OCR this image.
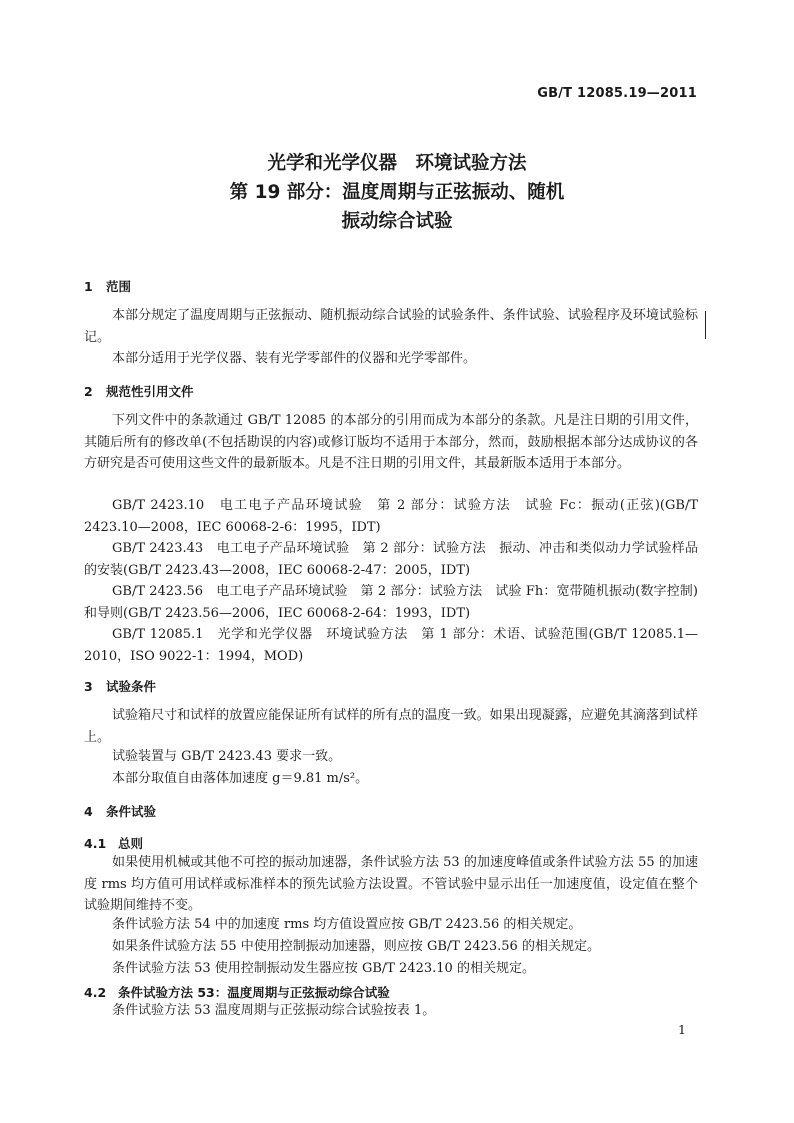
GB/T 12085.19—2011
光学和光学仪器　环境试验方法
第 19 部分：温度周期与正弦振动、随机
振动综合试验
1 范围

本部分规定了温度周期与正弦振动、随机振动综合试验的试验条件、条件试验、试验程序及环境试验标记。

本部分适用于光学仪器、装有光学零部件的仪器和光学零部件。

2 规范性引用文件

下列文件中的条款通过 GB/T 12085 的本部分的引用而成为本部分的条款。凡是注日期的引用文件，其随后所有的修改单(不包括勘误的内容)或修订版均不适用于本部分，然而，鼓励根据本部分达成协议的各方研究是否可使用这些文件的最新版本。凡是不注日期的引用文件，其最新版本适用于本部分。

GB/T 2423.10　电工电子产品环境试验　第 2 部分：试验方法　试验 Fc：振动(正弦)(GB/T 2423.10—2008，IEC 60068-2-6：1995，IDT)

GB/T 2423.43　电工电子产品环境试验　第 2 部分：试验方法　振动、冲击和类似动力学试验样品的安装(GB/T 2423.43—2008，IEC 60068-2-47：2005，IDT)

GB/T 2423.56　电工电子产品环境试验　第 2 部分：试验方法　试验 Fh：宽带随机振动(数字控制)和导则(GB/T 2423.56—2006，IEC 60068-2-64：1993，IDT)

GB/T 12085.1　光学和光学仪器　环境试验方法　第 1 部分：术语、试验范围(GB/T 12085.1—2010，ISO 9022-1：1994，MOD)

3 试验条件

试验箱尺寸和试样的放置应能保证所有试样的所有点的温度一致。如果出现凝露，应避免其滴落到试样上。

试验装置与 GB/T 2423.43 要求一致。

本部分取值自由落体加速度 g＝9.81 m/s²。

4 条件试验
4.1 总则

如果使用机械或其他不可控的振动加速器，条件试验方法 53 的加速度峰值或条件试验方法 55 的加速度 rms 均方值可用试样或标准样本的预先试验方法设置。不管试验中显示出任一加速度值，设定值在整个试验期间维持不变。

条件试验方法 54 中的加速度 rms 均方值设置应按 GB/T 2423.56 的相关规定。

如果条件试验方法 55 中使用控制振动加速器，则应按 GB/T 2423.56 的相关规定。

条件试验方法 53 使用控制振动发生器应按 GB/T 2423.10 的相关规定。

4.2 条件试验方法 53：温度周期与正弦振动综合试验

条件试验方法 53 温度周期与正弦振动综合试验按表 1。

1
